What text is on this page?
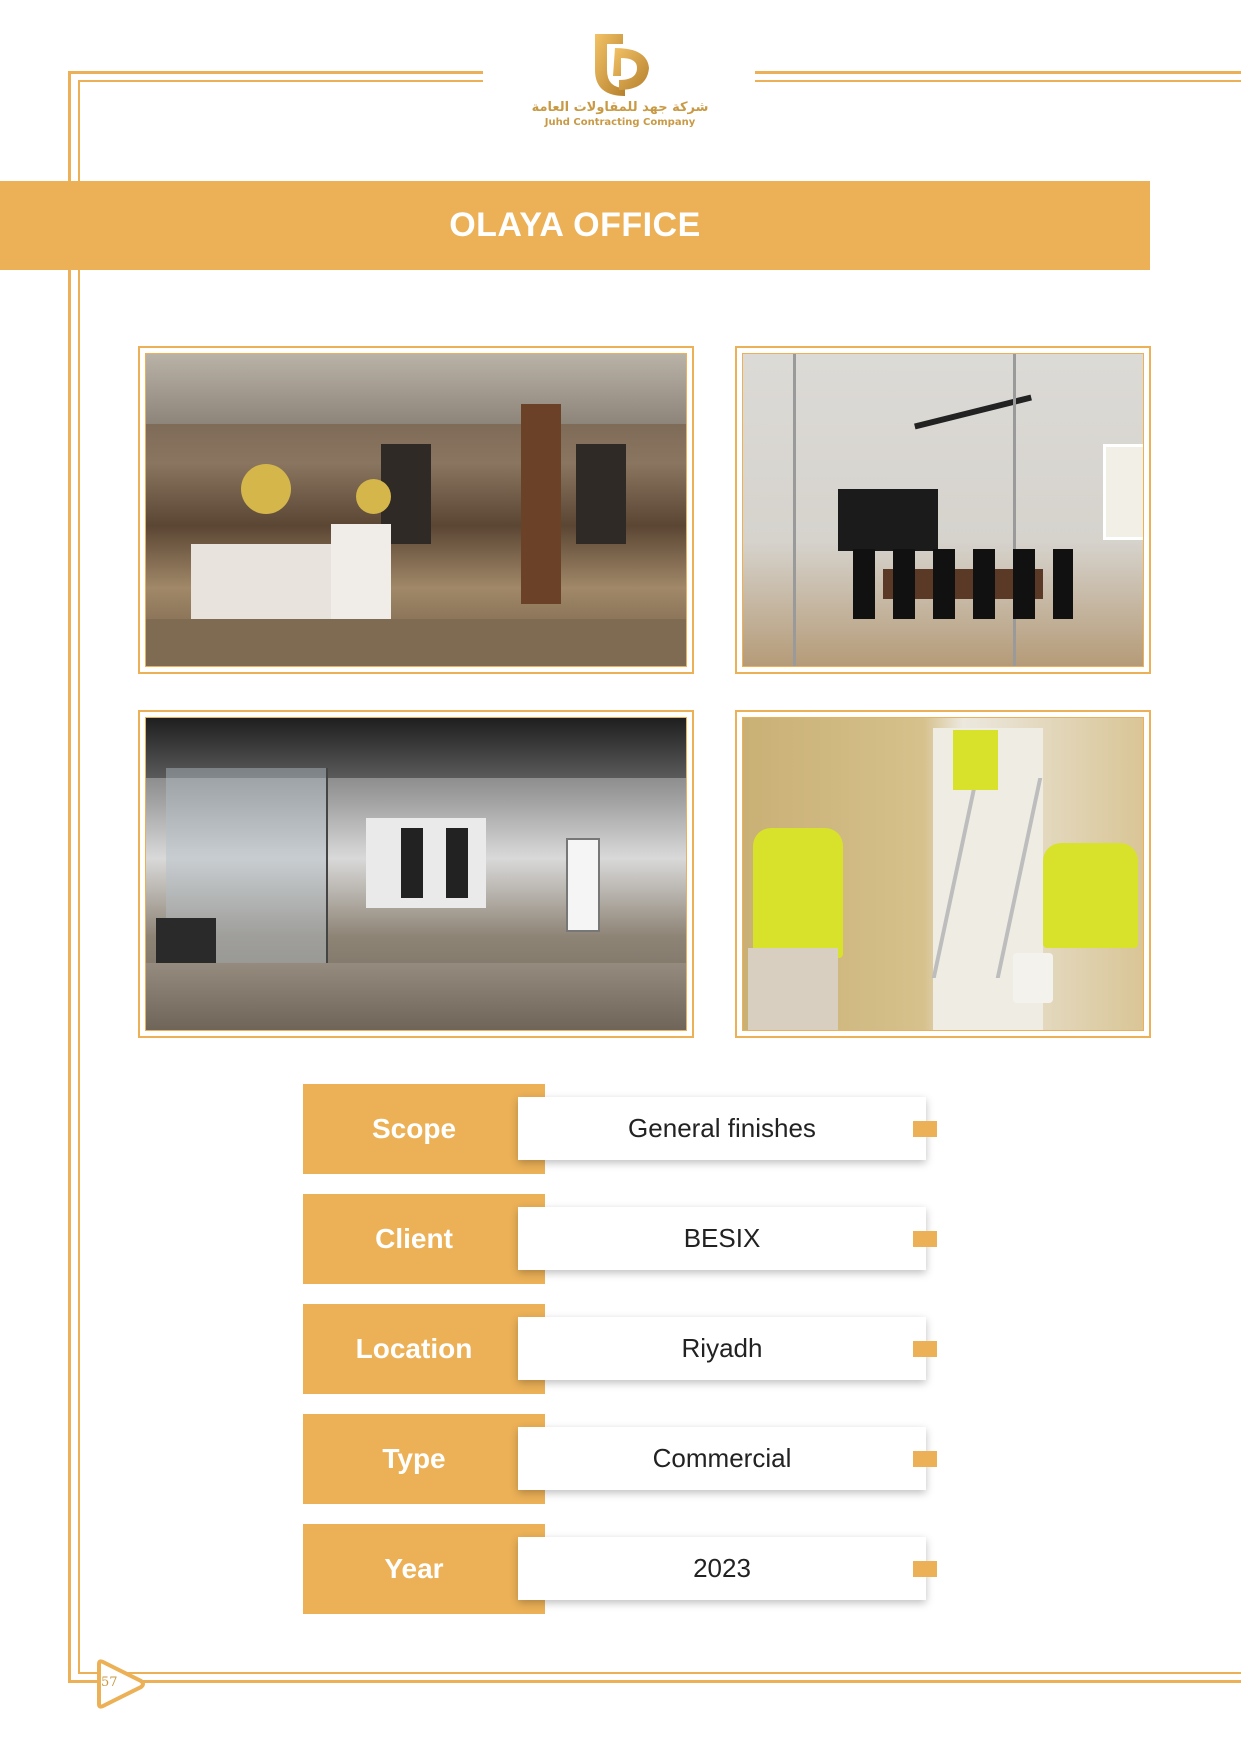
شركة جهد للمقاولات العامة
Juhd Contracting Company
OLAYA OFFICE
Scope	General finishes
Client	BESIX
Location	Riyadh
Type	Commercial
Year	2023
57
